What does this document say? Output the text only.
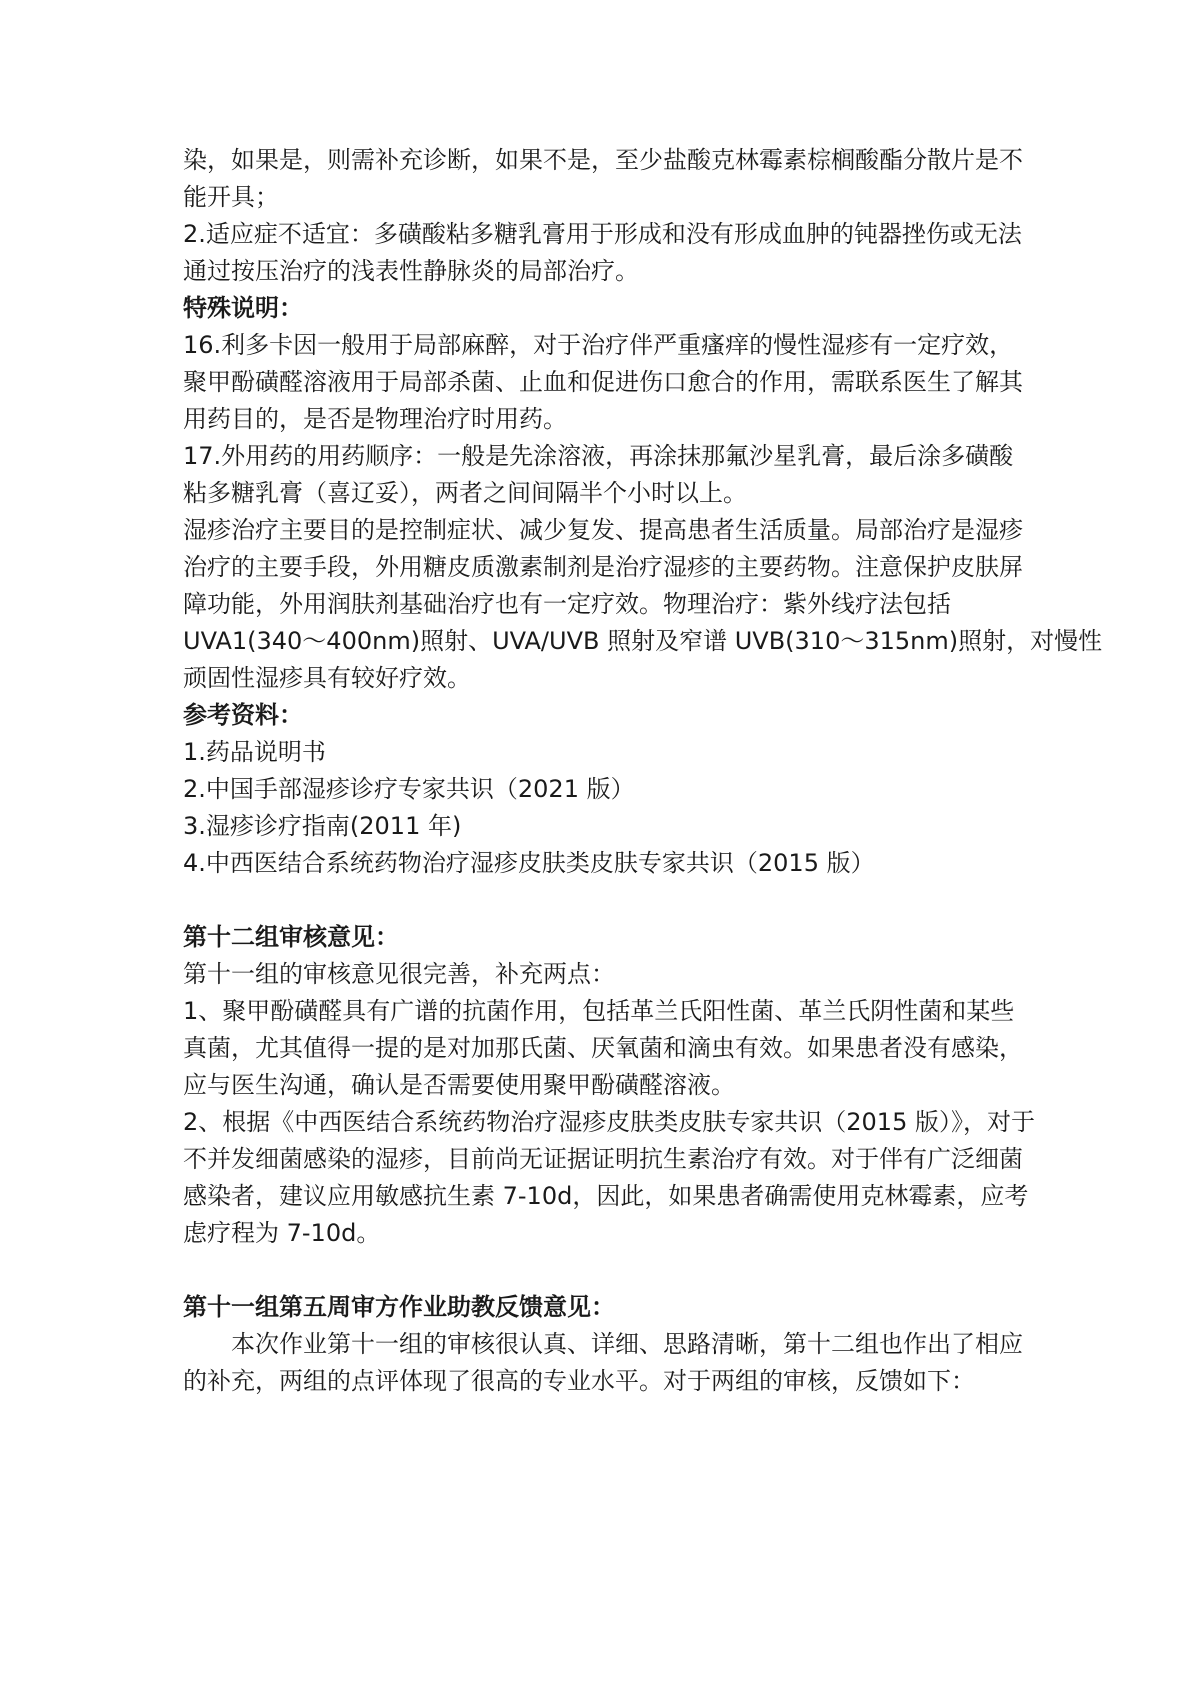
染，如果是，则需补充诊断，如果不是，至少盐酸克林霉素棕榈酸酯分散片是不

能开具；

2.适应症不适宜：多磺酸粘多糖乳膏用于形成和没有形成血肿的钝器挫伤或无法

通过按压治疗的浅表性静脉炎的局部治疗。

特殊说明：

16.利多卡因一般用于局部麻醉，对于治疗伴严重瘙痒的慢性湿疹有一定疗效，

聚甲酚磺醛溶液用于局部杀菌、止血和促进伤口愈合的作用，需联系医生了解其

用药目的，是否是物理治疗时用药。

17.外用药的用药顺序：一般是先涂溶液，再涂抹那氟沙星乳膏，最后涂多磺酸

粘多糖乳膏（喜辽妥），两者之间间隔半个小时以上。

湿疹治疗主要目的是控制症状、减少复发、提高患者生活质量。局部治疗是湿疹

治疗的主要手段，外用糖皮质激素制剂是治疗湿疹的主要药物。注意保护皮肤屏

障功能，外用润肤剂基础治疗也有一定疗效。物理治疗：紫外线疗法包括

UVA1(340～400nm)照射、UVA/UVB 照射及窄谱 UVB(310～315nm)照射，对慢性

顽固性湿疹具有较好疗效。

参考资料：

1.药品说明书

2.中国手部湿疹诊疗专家共识（2021 版）

3.湿疹诊疗指南(2011 年)

4.中西医结合系统药物治疗湿疹皮肤类皮肤专家共识（2015 版）

第十二组审核意见：

第十一组的审核意见很完善，补充两点：

1、聚甲酚磺醛具有广谱的抗菌作用，包括革兰氏阳性菌、革兰氏阴性菌和某些

真菌，尤其值得一提的是对加那氏菌、厌氧菌和滴虫有效。如果患者没有感染，

应与医生沟通，确认是否需要使用聚甲酚磺醛溶液。

2、根据《中西医结合系统药物治疗湿疹皮肤类皮肤专家共识（2015 版）》，对于

不并发细菌感染的湿疹，目前尚无证据证明抗生素治疗有效。对于伴有广泛细菌

感染者，建议应用敏感抗生素 7-10d，因此，如果患者确需使用克林霉素，应考

虑疗程为 7-10d。

第十一组第五周审方作业助教反馈意见：

本次作业第十一组的审核很认真、详细、思路清晰，第十二组也作出了相应

的补充，两组的点评体现了很高的专业水平。对于两组的审核，反馈如下：
